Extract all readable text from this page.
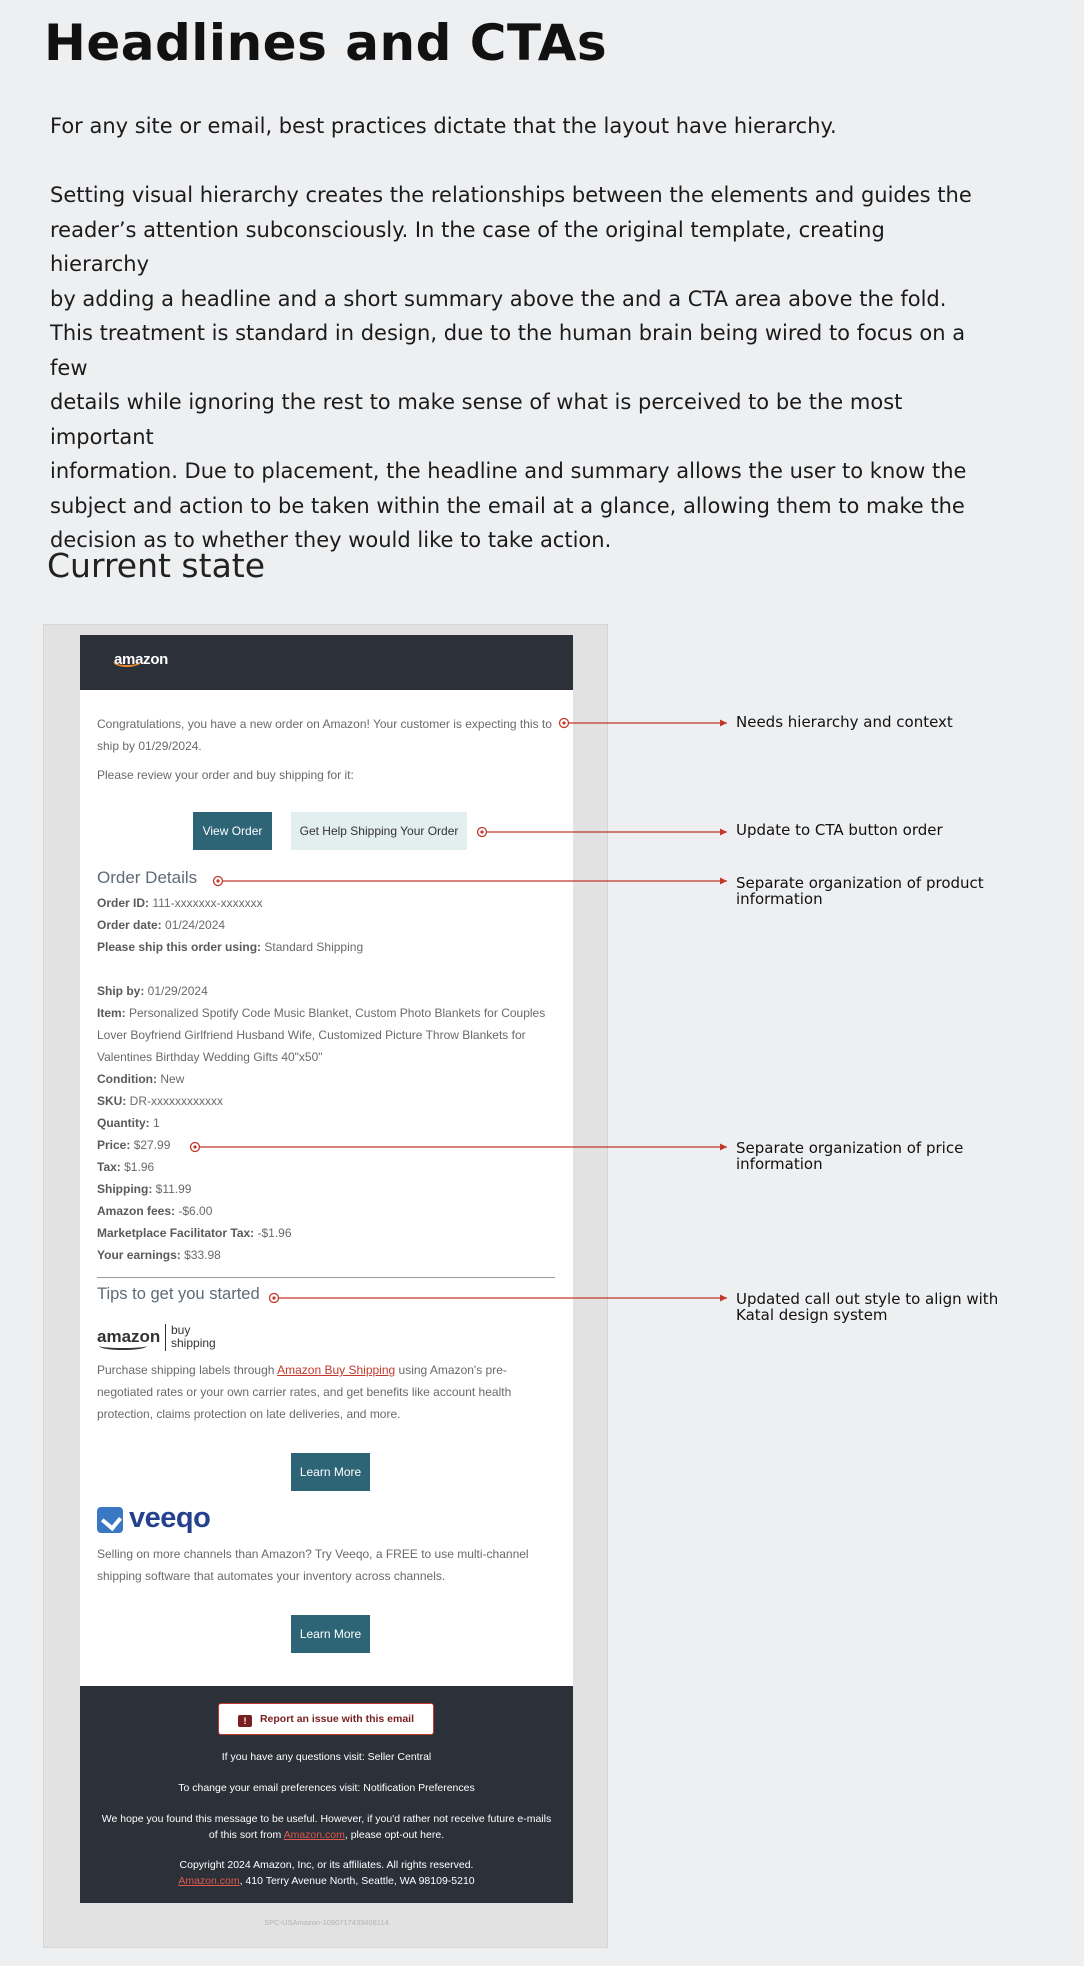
Headlines and CTAs

For any site or email, best practices dictate that the layout have hierarchy.

Setting visual hierarchy creates the relationships between the elements and guides the
reader’s attention subconsciously. In the case of the original template, creating hierarchy
by adding a headline and a short summary above the and a CTA area above the fold.

This treatment is standard in design, due to the human brain being wired to focus on a few
details while ignoring the rest to make sense of what is perceived to be the most important
information. Due to placement, the headline and summary allows the user to know the
subject and action to be taken within the email at a glance, allowing them to make the
decision as to whether they would like to take action.

Current state
amazon

Congratulations, you have a new order on Amazon! Your customer is expecting this to
ship by 01/29/2024.

Please review your order and buy shipping for it:

View Order	Get Help Shipping Your Order
Order Details

Order ID: 111-xxxxxxx-xxxxxxx
Order date: 01/24/2024
Please ship this order using: Standard Shipping

Ship by: 01/29/2024
Item: Personalized Spotify Code Music Blanket, Custom Photo Blankets for Couples
Lover Boyfriend Girlfriend Husband Wife, Customized Picture Throw Blankets for
Valentines Birthday Wedding Gifts 40"x50"
Condition: New
SKU: DR-xxxxxxxxxxxx
Quantity: 1
Price: $27.99
Tax: $1.96
Shipping: $11.99
Amazon fees: -$6.00
Marketplace Facilitator Tax: -$1.96
Your earnings: $33.98

Tips to get you started
amazon buy
shipping

Purchase shipping labels through Amazon Buy Shipping using Amazon's pre-
negotiated rates or your own carrier rates, and get benefits like account health
protection, claims protection on late deliveries, and more.

Learn More
veeqo

Selling on more channels than Amazon? Try Veeqo, a FREE to use multi-channel
shipping software that automates your inventory across channels.

Learn More
! Report an issue with this email

If you have any questions visit: Seller Central

To change your email preferences visit: Notification Preferences

We hope you found this message to be useful. However, if you'd rather not receive future e-mails
of this sort from Amazon.com, please opt-out here.

Copyright 2024 Amazon, Inc, or its affiliates. All rights reserved.
Amazon.com, 410 Terry Avenue North, Seattle, WA 98109-5210

SPC-USAmazon-1090717433406114

Needs hierarchy and context

Update to CTA button order

Separate organization of product information

Separate organization of price information

Updated call out style to align with Katal design system
